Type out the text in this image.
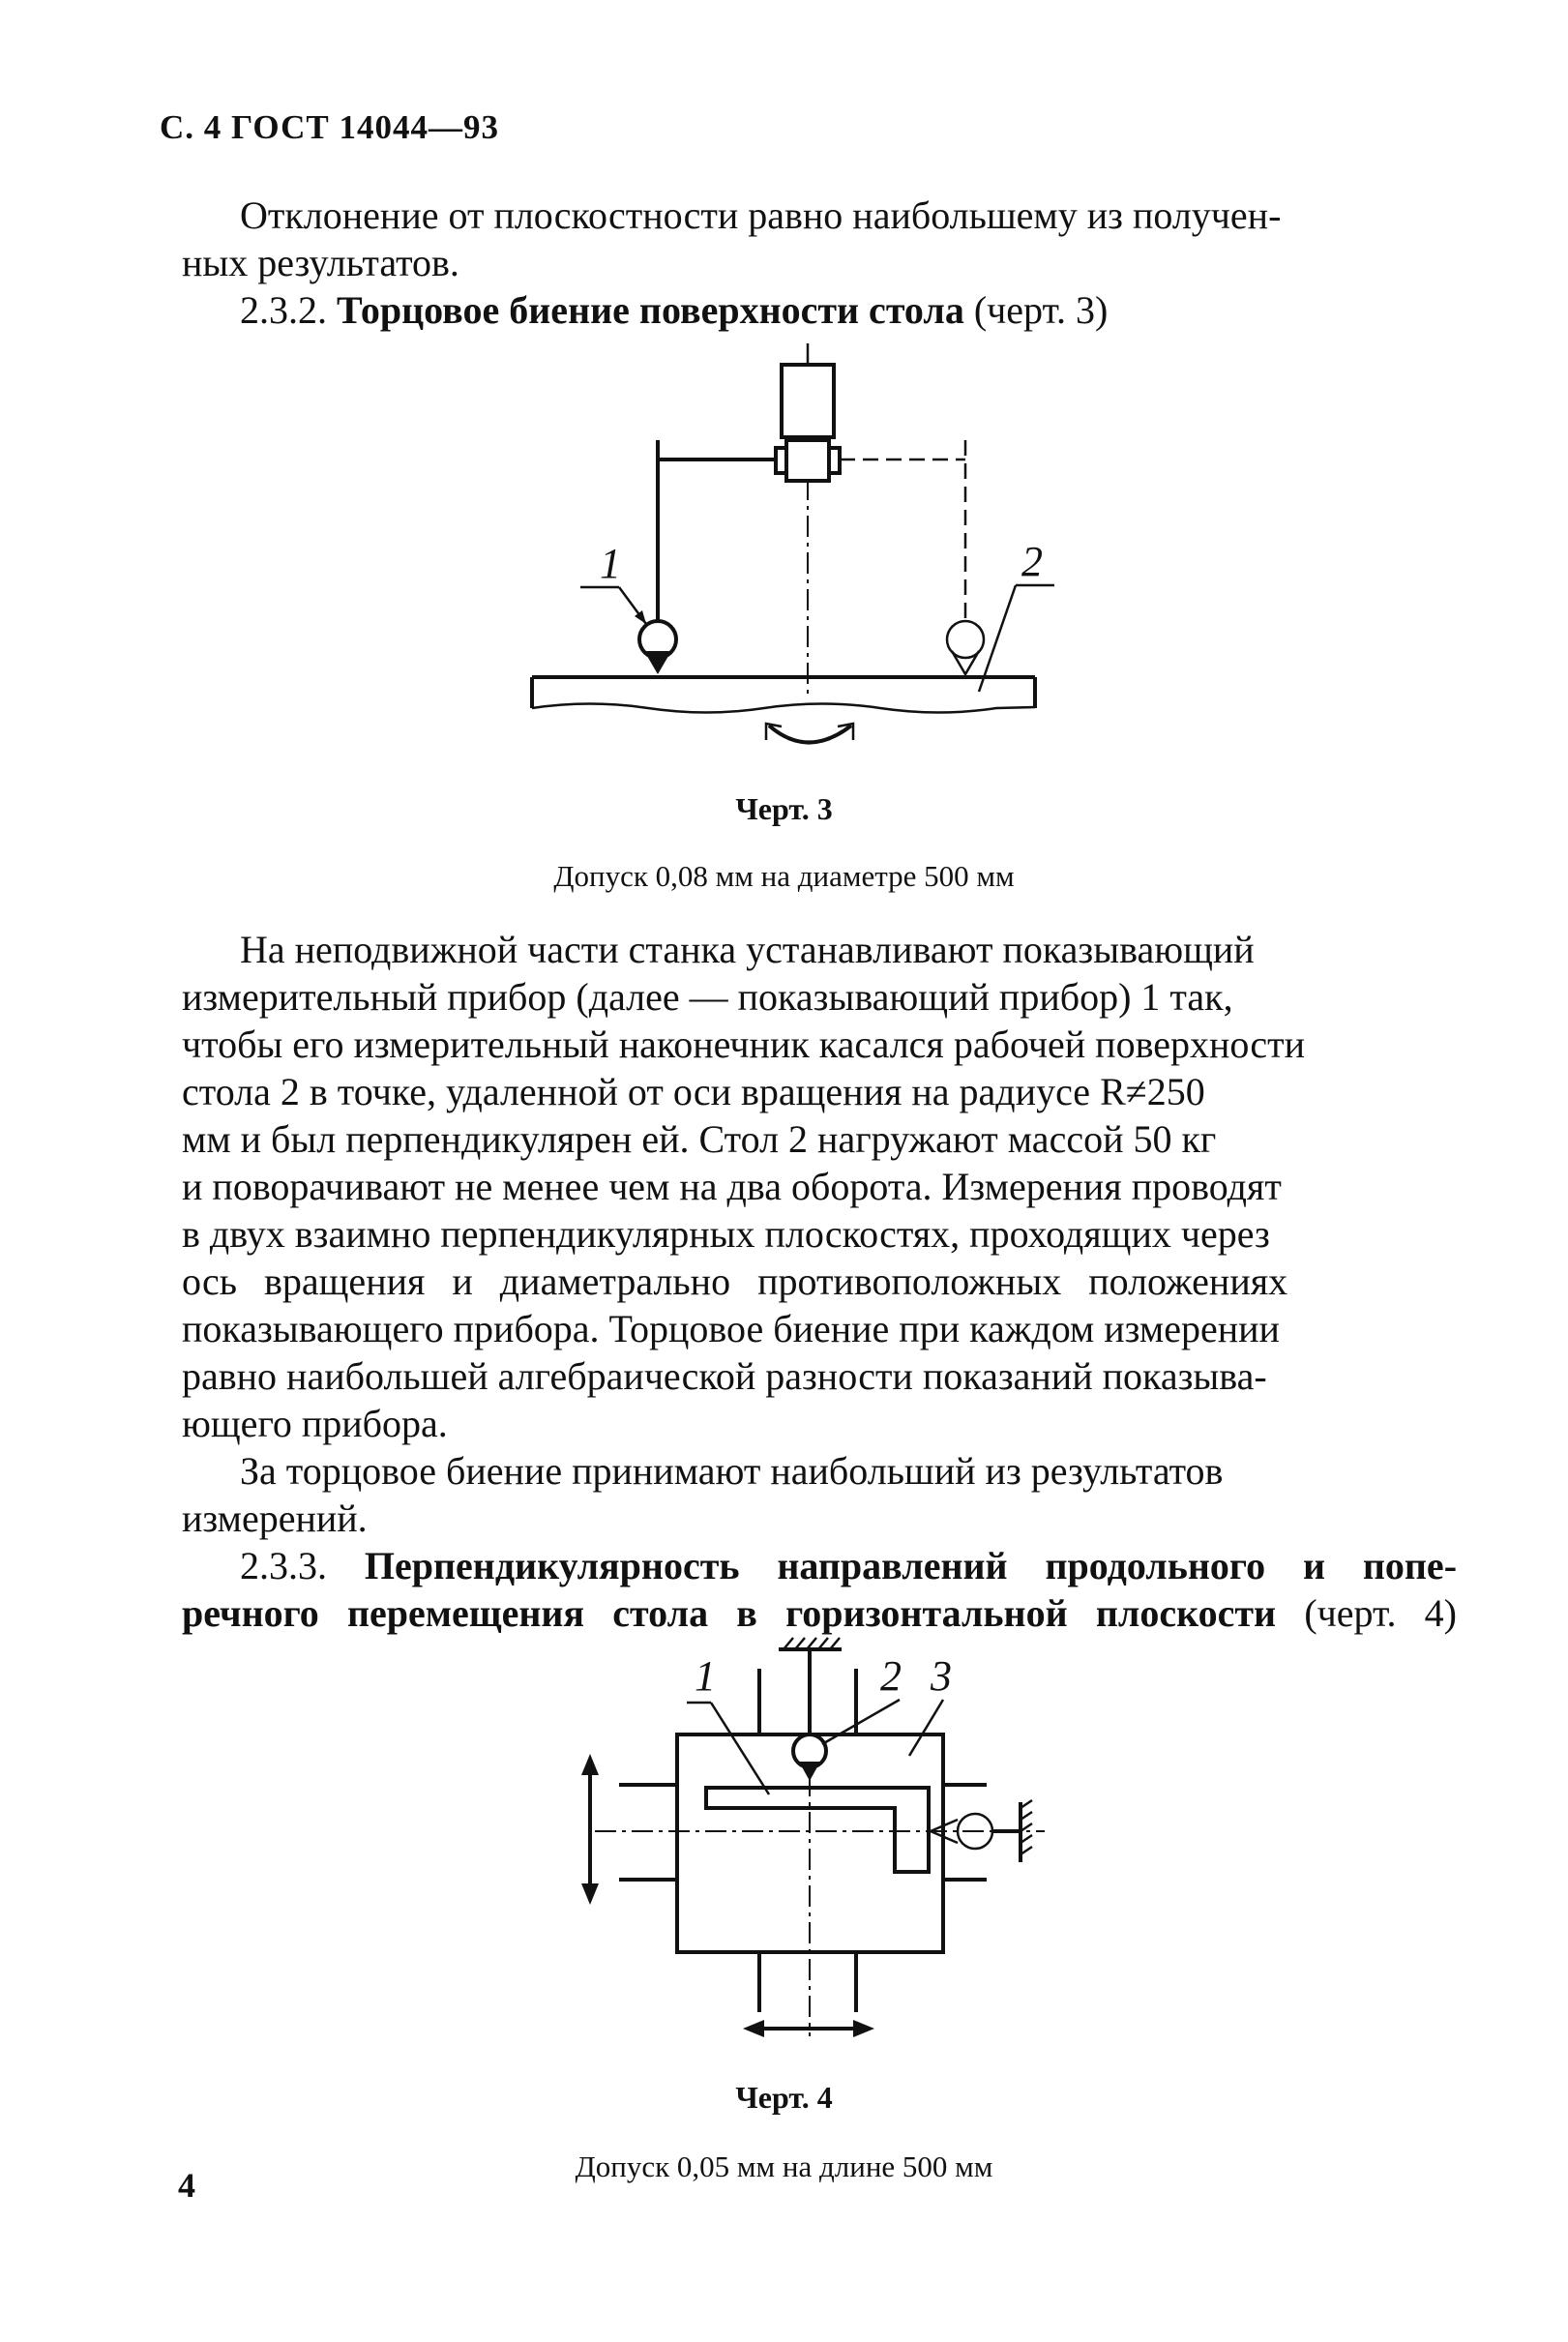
С. 4 ГОСТ 14044—93
Отклонение от плоскостности равно наибольшему из получен-
ных результатов.
2.3.2. Торцовое биение поверхности стола (черт. 3)
1	2
Черт. 3
Допуск 0,08 мм на диаметре 500 мм
На неподвижной части станка устанавливают показывающий
измерительный прибор (далее — показывающий прибор) 1 так,
чтобы его измерительный наконечник касался рабочей поверхности
стола 2 в точке, удаленной от оси вращения на радиусе R≠250
мм и был перпендикулярен ей. Стол 2 нагружают массой 50 кг
и поворачивают не менее чем на два оборота. Измерения проводят
в двух взаимно перпендикулярных плоскостях, проходящих через
ось вращения и диаметрально противоположных положениях
показывающего прибора. Торцовое биение при каждом измерении
равно наибольшей алгебраической разности показаний показыва-
ющего прибора.
За торцовое биение принимают наибольший из результатов
измерений.
2.3.3. Перпендикулярность направлений продольного и попе-
речного перемещения стола в горизонтальной плоскости (черт. 4)
1	2 3
Черт. 4
Допуск 0,05 мм на длине 500 мм
4
